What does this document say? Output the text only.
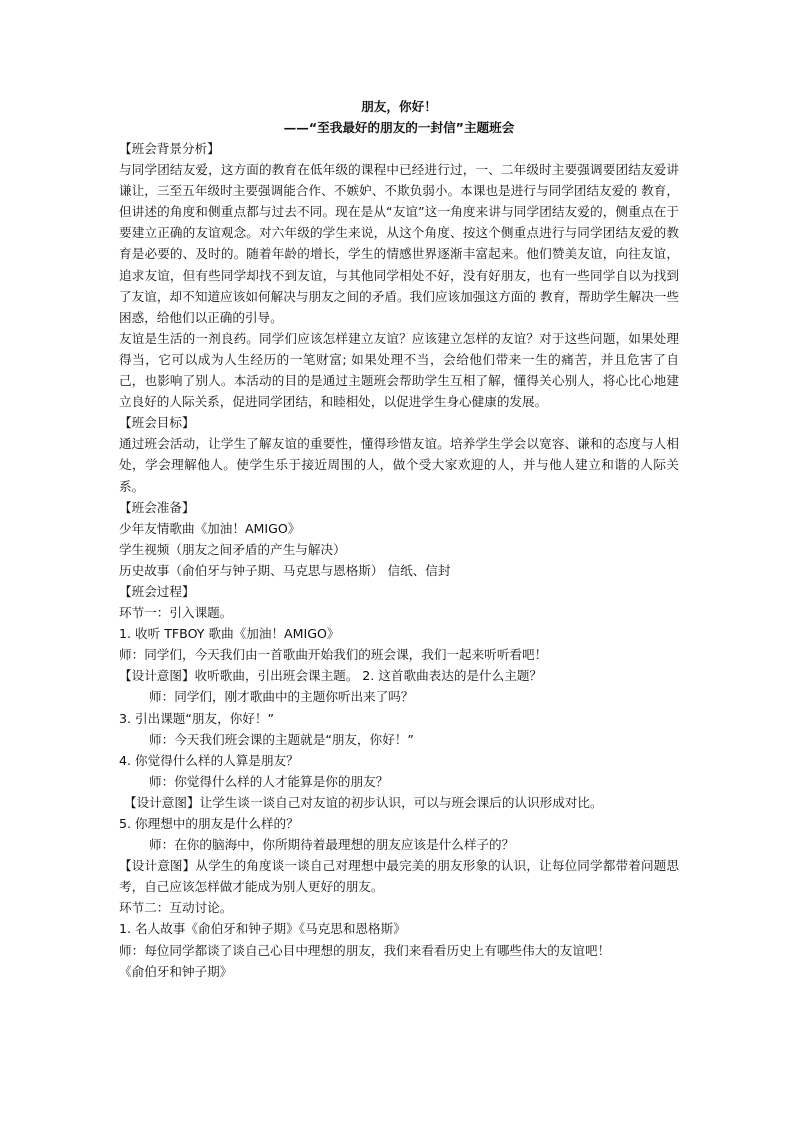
朋友，你好！
——“至我最好的朋友的一封信”主题班会
【班会背景分析】

与同学团结友爱，这方面的教育在低年级的课程中已经进行过，一、二年级时主要强调要团结友爱讲谦让，三至五年级时主要强调能合作、不嫉妒、不欺负弱小。本课也是进行与同学团结友爱的 教育，但讲述的角度和侧重点都与过去不同。现在是从“友谊”这一角度来讲与同学团结友爱的，侧重点在于要建立正确的友谊观念。对六年级的学生来说，从这个角度、按这个侧重点进行与同学团结友爱的教育是必要的、及时的。随着年龄的增长，学生的情感世界逐渐丰富起来。他们赞美友谊，向往友谊，追求友谊，但有些同学却找不到友谊，与其他同学相处不好，没有好朋友，也有一些同学自以为找到了友谊，却不知道应该如何解决与朋友之间的矛盾。我们应该加强这方面的 教育，帮助学生解决一些困惑，给他们以正确的引导。

友谊是生活的一剂良药。同学们应该怎样建立友谊？应该建立怎样的友谊？对于这些问题，如果处理得当，它可以成为人生经历的一笔财富; 如果处理不当，会给他们带来一生的痛苦，并且危害了自己，也影响了别人。本活动的目的是通过主题班会帮助学生互相了解，懂得关心别人，将心比心地建立良好的人际关系，促进同学团结，和睦相处，以促进学生身心健康的发展。

【班会目标】

通过班会活动，让学生了解友谊的重要性，懂得珍惜友谊。培养学生学会以宽容、谦和的态度与人相处，学会理解他人。使学生乐于接近周围的人，做个受大家欢迎的人，并与他人建立和谐的人际关系。

【班会准备】
少年友情歌曲《加油！AMIGO》
学生视频（朋友之间矛盾的产生与解决）
历史故事（俞伯牙与钟子期、马克思与恩格斯） 信纸、信封
【班会过程】
环节一：引入课题。
1. 收听 TFBOY 歌曲《加油！AMIGO》
师：同学们，今天我们由一首歌曲开始我们的班会课，我们一起来听听看吧！
【设计意图】收听歌曲，引出班会课主题。 2. 这首歌曲表达的是什么主题？
师：同学们，刚才歌曲中的主题你听出来了吗？
3. 引出课题“朋友，你好！”
师：今天我们班会课的主题就是“朋友，你好！”
4. 你觉得什么样的人算是朋友？
师：你觉得什么样的人才能算是你的朋友？
【设计意图】让学生谈一谈自己对友谊的初步认识，可以与班会课后的认识形成对比。
5. 你理想中的朋友是什么样的？
师：在你的脑海中，你所期待着最理想的朋友应该是什么样子的？

【设计意图】从学生的角度谈一谈自己对理想中最完美的朋友形象的认识，让每位同学都带着问题思考，自己应该怎样做才能成为别人更好的朋友。

环节二：互动讨论。
1. 名人故事《俞伯牙和钟子期》《马克思和恩格斯》
师：每位同学都谈了谈自己心目中理想的朋友，我们来看看历史上有哪些伟大的友谊吧！
《俞伯牙和钟子期》
